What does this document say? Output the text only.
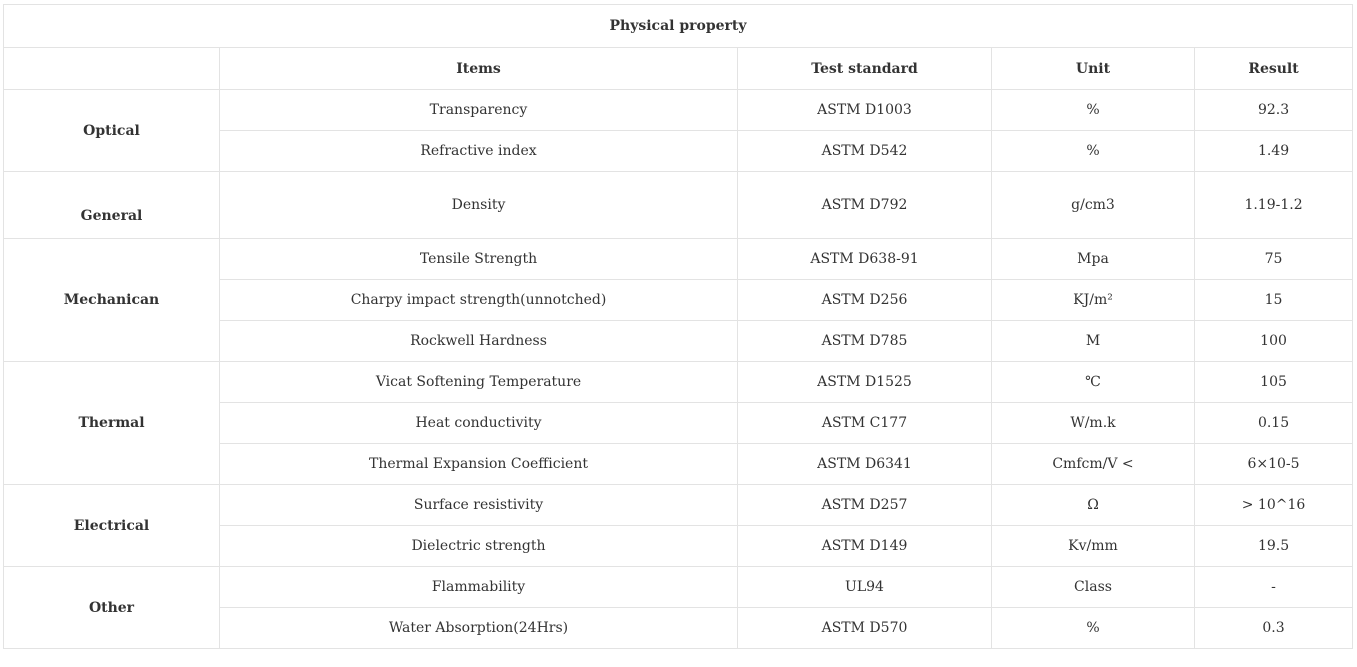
Physical property				
	Items	Test standard	Unit	Result
Optical	Transparency	ASTM D1003	%	92.3
	Refractive index	ASTM D542	%	1.49
General	Density	ASTM D792	g/cm3	1.19-1.2
Mechanican	Tensile Strength	ASTM D638-91	Mpa	75
	Charpy impact strength(unnotched)	ASTM D256	KJ/m²	15
	Rockwell Hardness	ASTM D785	M	100
Thermal	Vicat Softening Temperature	ASTM D1525	℃	105
	Heat conductivity	ASTM C177	W/m.k	0.15
	Thermal Expansion Coefficient	ASTM D6341	Cmfcm/V <	6×10-5
Electrical	Surface resistivity	ASTM D257	Ω	> 10^16
	Dielectric strength	ASTM D149	Kv/mm	19.5
Other	Flammability	UL94	Class	-
	Water Absorption(24Hrs)	ASTM D570	%	0.3
